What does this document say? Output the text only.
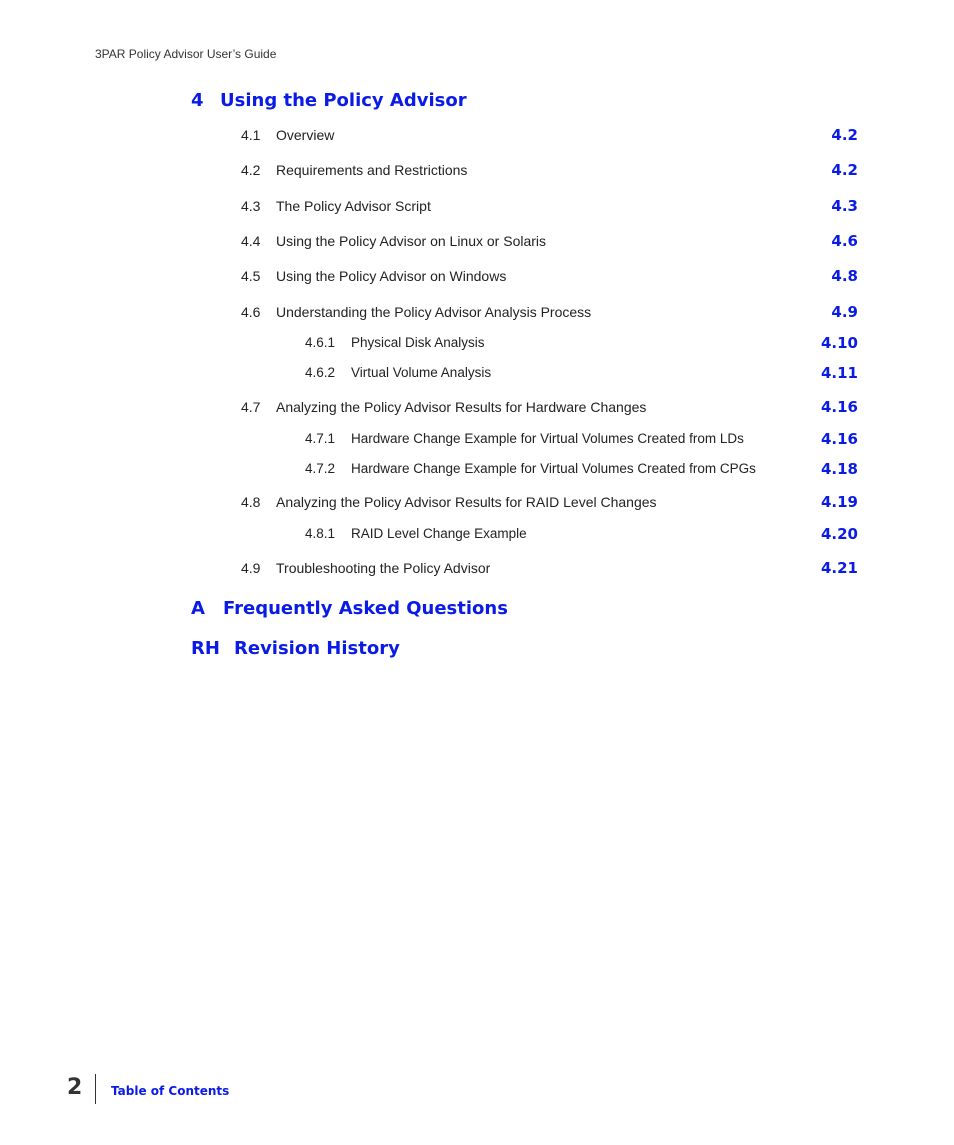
3PAR Policy Advisor User’s Guide
4 Using the Policy Advisor
4.1 Overview	4.2
4.2 Requirements and Restrictions	4.2
4.3 The Policy Advisor Script	4.3
4.4 Using the Policy Advisor on Linux or Solaris	4.6
4.5 Using the Policy Advisor on Windows	4.8
4.6 Understanding the Policy Advisor Analysis Process	4.9
4.6.1 Physical Disk Analysis	4.10
4.6.2 Virtual Volume Analysis	4.11
4.7 Analyzing the Policy Advisor Results for Hardware Changes	4.16
4.7.1 Hardware Change Example for Virtual Volumes Created from LDs	4.16
4.7.2 Hardware Change Example for Virtual Volumes Created from CPGs	4.18
4.8 Analyzing the Policy Advisor Results for RAID Level Changes	4.19
4.8.1 RAID Level Change Example	4.20
4.9 Troubleshooting the Policy Advisor	4.21
A	Frequently Asked Questions
RH Revision History
2 Table of Contents
